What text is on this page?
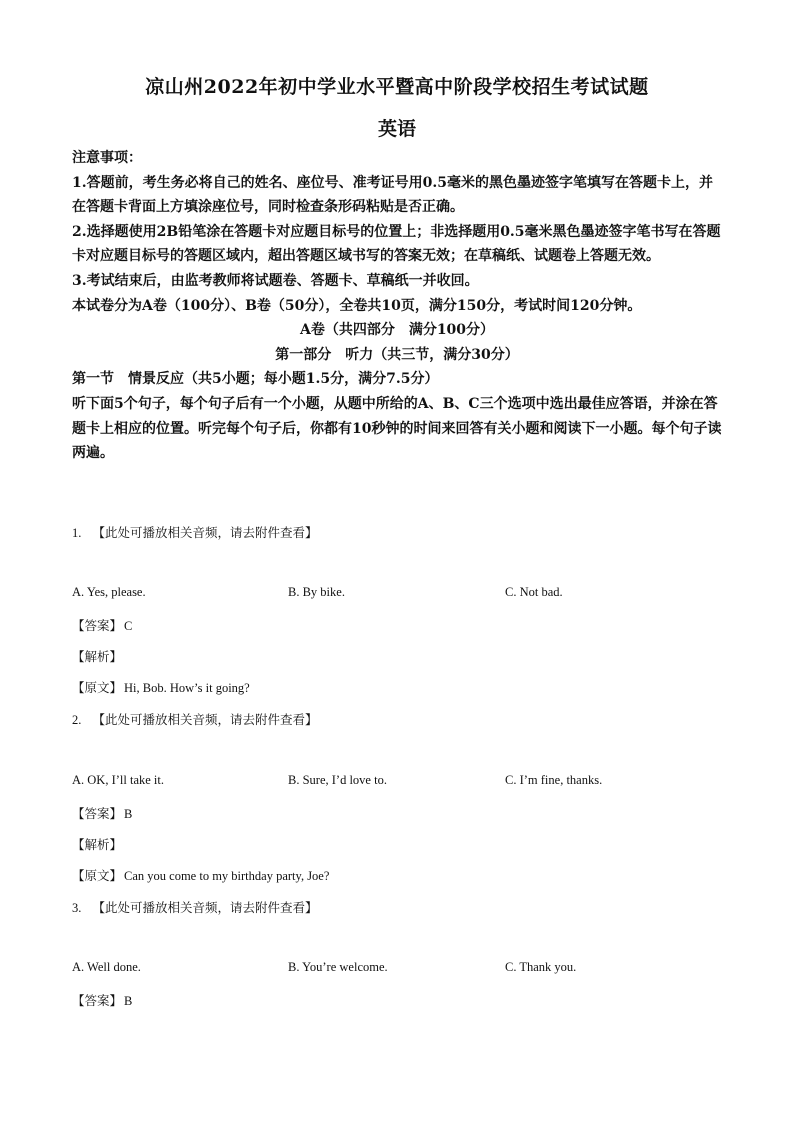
凉山州2022年初中学业水平暨高中阶段学校招生考试试题
英语

注意事项：

1.答题前，考生务必将自己的姓名、座位号、准考证号用0.5毫米的黑色墨迹签字笔填写在答题卡上，并在答题卡背面上方填涂座位号，同时检查条形码粘贴是否正确。

2.选择题使用2B铅笔涂在答题卡对应题目标号的位置上；非选择题用0.5毫米黑色墨迹签字笔书写在答题卡对应题目标号的答题区域内，超出答题区域书写的答案无效；在草稿纸、试题卷上答题无效。

3.考试结束后，由监考教师将试题卷、答题卡、草稿纸一并收回。

本试卷分为A卷（100分）、B卷（50分），全卷共10页，满分150分，考试时间120分钟。

A卷（共四部分　满分100分）

第一部分　听力（共三节，满分30分）

第一节　情景反应（共5小题；每小题1.5分，满分7.5分）

听下面5个句子，每个句子后有一个小题，从题中所给的A、B、C三个选项中选出最佳应答语，并涂在答题卡上相应的位置。听完每个句子后，你都有10秒钟的时间来回答有关小题和阅读下一小题。每个句子读两遍。

1. 【此处可播放相关音频，请去附件查看】
A. Yes, please.	B. By bike.	C. Not bad.
【答案】 C
【解析】
【原文】 Hi, Bob. How’s it going?
2. 【此处可播放相关音频，请去附件查看】
A. OK, I’ll take it.	B. Sure, I’d love to.	C. I’m fine, thanks.
【答案】 B
【解析】
【原文】 Can you come to my birthday party, Joe?
3. 【此处可播放相关音频，请去附件查看】
A. Well done.	B. You’re welcome.	C. Thank you.
【答案】 B
